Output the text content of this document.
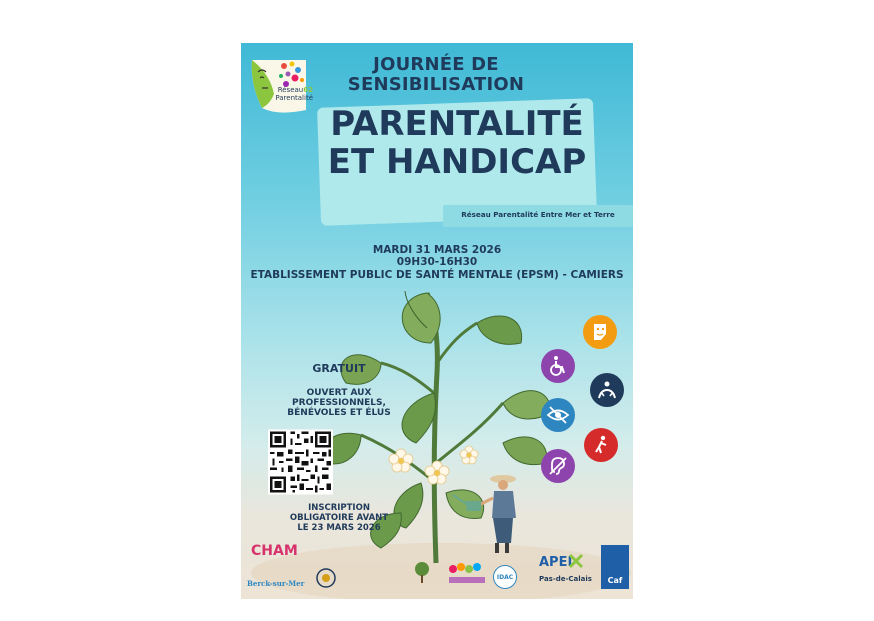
Réseau62
Parentalité
JOURNÉE DE SENSIBILISATION
PARENTALITÉ
ET HANDICAP
Réseau Parentalité Entre Mer et Terre
MARDI 31 MARS 2026
09H30-16H30
ETABLISSEMENT PUBLIC DE SANTÉ MENTALE (EPSM) - CAMIERS
GRATUIT
OUVERT AUX
PROFESSIONNELS,
BÉNÉVOLES ET ÉLUS
INSCRIPTION
OBLIGATOIRE AVANT
LE 23 MARS 2026
CHAM
Berck-sur-Mer
IDAC
APEI
Pas-de-Calais Caf
